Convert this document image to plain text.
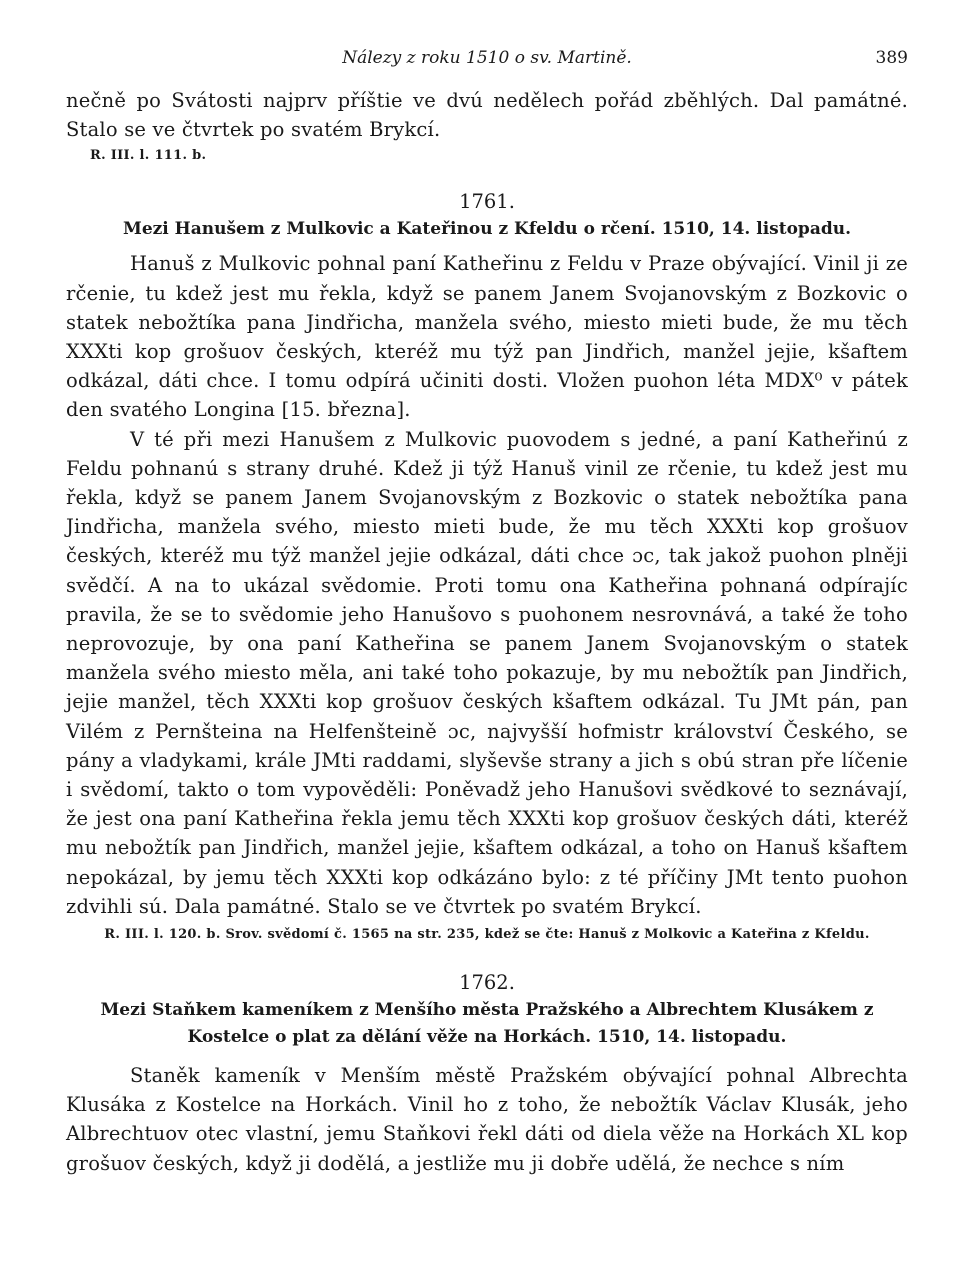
Nálezy z roku 1510 o sv. Martině.	389

nečně po Svátosti najprv příštie ve dvú nedělech pořád zběhlých. Dal památné. Stalo se ve čtvrtek po svatém Brykcí.

R. III. l. 111. b.
1761.
Mezi Hanušem z Mulkovic a Kateřinou z Kfeldu o rčení. 1510, 14. listopadu.

Hanuš z Mulkovic pohnal paní Katheřinu z Feldu v Praze obývající. Vinil ji ze rčenie, tu kdež jest mu řekla, když se panem Janem Svojanovským z Bozkovic o statek nebožtíka pana Jindřicha, manžela svého, miesto mieti bude, že mu těch XXXti kop grošuov českých, kteréž mu týž pan Jindřich, manžel jejie, kšaftem odkázal, dáti chce. I tomu odpírá učiniti dosti. Vložen puohon léta MDX⁰ v pátek den svatého Longina [15. března].

V té při mezi Hanušem z Mulkovic puovodem s jedné, a paní Katheřinú z Feldu pohnanú s strany druhé. Kdež ji týž Hanuš vinil ze rčenie, tu kdež jest mu řekla, když se panem Janem Svojanovským z Bozkovic o statek nebožtíka pana Jindřicha, manžela svého, miesto mieti bude, že mu těch XXXti kop grošuov českých, kteréž mu týž manžel jejie odkázal, dáti chce ɔc, tak jakož puohon plněji svědčí. A na to ukázal svědomie. Proti tomu ona Katheřina pohnaná odpírajíc pravila, že se to svědomie jeho Hanušovo s puohonem nesrovnává, a také že toho neprovozuje, by ona paní Katheřina se panem Janem Svojanovským o statek manžela svého miesto měla, ani také toho pokazuje, by mu nebožtík pan Jindřich, jejie manžel, těch XXXti kop grošuov českých kšaftem odkázal. Tu JMt pán, pan Vilém z Pernšteina na Helfenšteině ɔc, najvyšší hofmistr království Českého, se pány a vladykami, krále JMti raddami, slyševše strany a jich s obú stran pře líčenie i svědomí, takto o tom vypověděli: Poněvadž jeho Hanušovi svědkové to seznávají, že jest ona paní Katheřina řekla jemu těch XXXti kop grošuov českých dáti, kteréž mu nebožtík pan Jindřich, manžel jejie, kšaftem odkázal, a toho on Hanuš kšaftem nepokázal, by jemu těch XXXti kop odkázáno bylo: z té příčiny JMt tento puohon zdvihli sú. Dala památné. Stalo se ve čtvrtek po svatém Brykcí.

R. III. l. 120. b. Srov. svědomí č. 1565 na str. 235, kdež se čte: Hanuš z Molkovic a Kateřina z Kfeldu.
1762.
Mezi Staňkem kameníkem z Menšího města Pražského a Albrechtem Klusákem z Kostelce o plat za dělání věže na Horkách. 1510, 14. listopadu.

Staněk kameník v Menším městě Pražském obývající pohnal Albrechta Klusáka z Kostelce na Horkách. Vinil ho z toho, že nebožtík Václav Klusák, jeho Albrechtuov otec vlastní, jemu Staňkovi řekl dáti od diela věže na Horkách XL kop grošuov českých, když ji dodělá, a jestliže mu ji dobře udělá, že nechce s ním
